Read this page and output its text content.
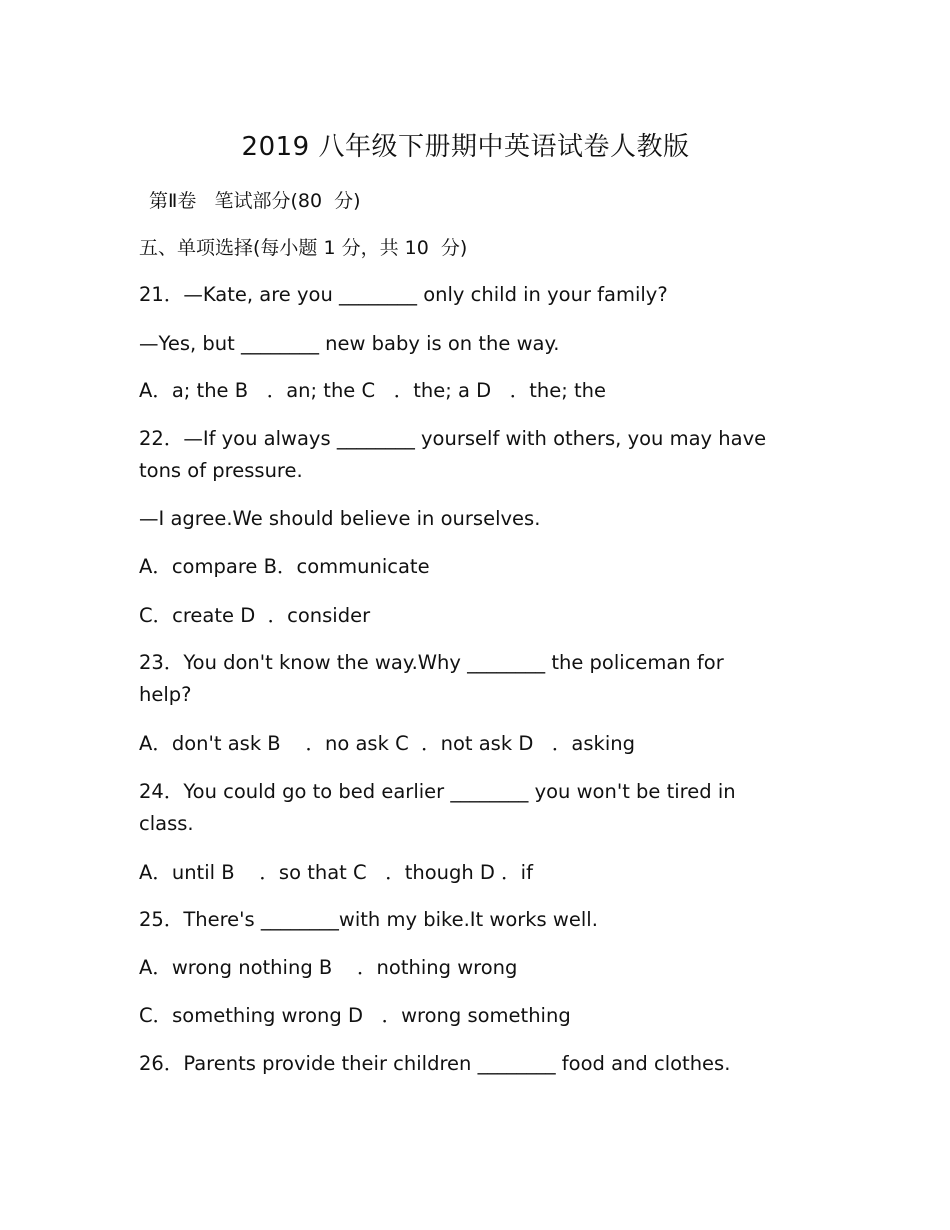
2019 八年级下册期中英语试卷人教版
第Ⅱ卷   笔试部分(80  分)
五、单项选择(每小题 1 分，共 10  分)
21．—Kate, are you ________ only child in your family?
—Yes, but ________ new baby is on the way.
A．a; the B   ．an; the C   ．the; a D   ．the; the
22．—If you always ________ yourself with others, you may have tons of pressure.
—I agree.We should believe in ourselves.
A．compare B．communicate
C．create D  ．consider
23．You don't know the way.Why ________ the policeman for help?
A．don't ask B    ．no ask C  ．not ask D   ．asking
24．You could go to bed earlier ________ you won't be tired in class.
A．until B    ．so that C   ．though D ．if
25．There's ________with my bike.It works well.
A．wrong nothing B    ．nothing wrong
C．something wrong D   ．wrong something
26．Parents provide their children ________ food and clothes.
